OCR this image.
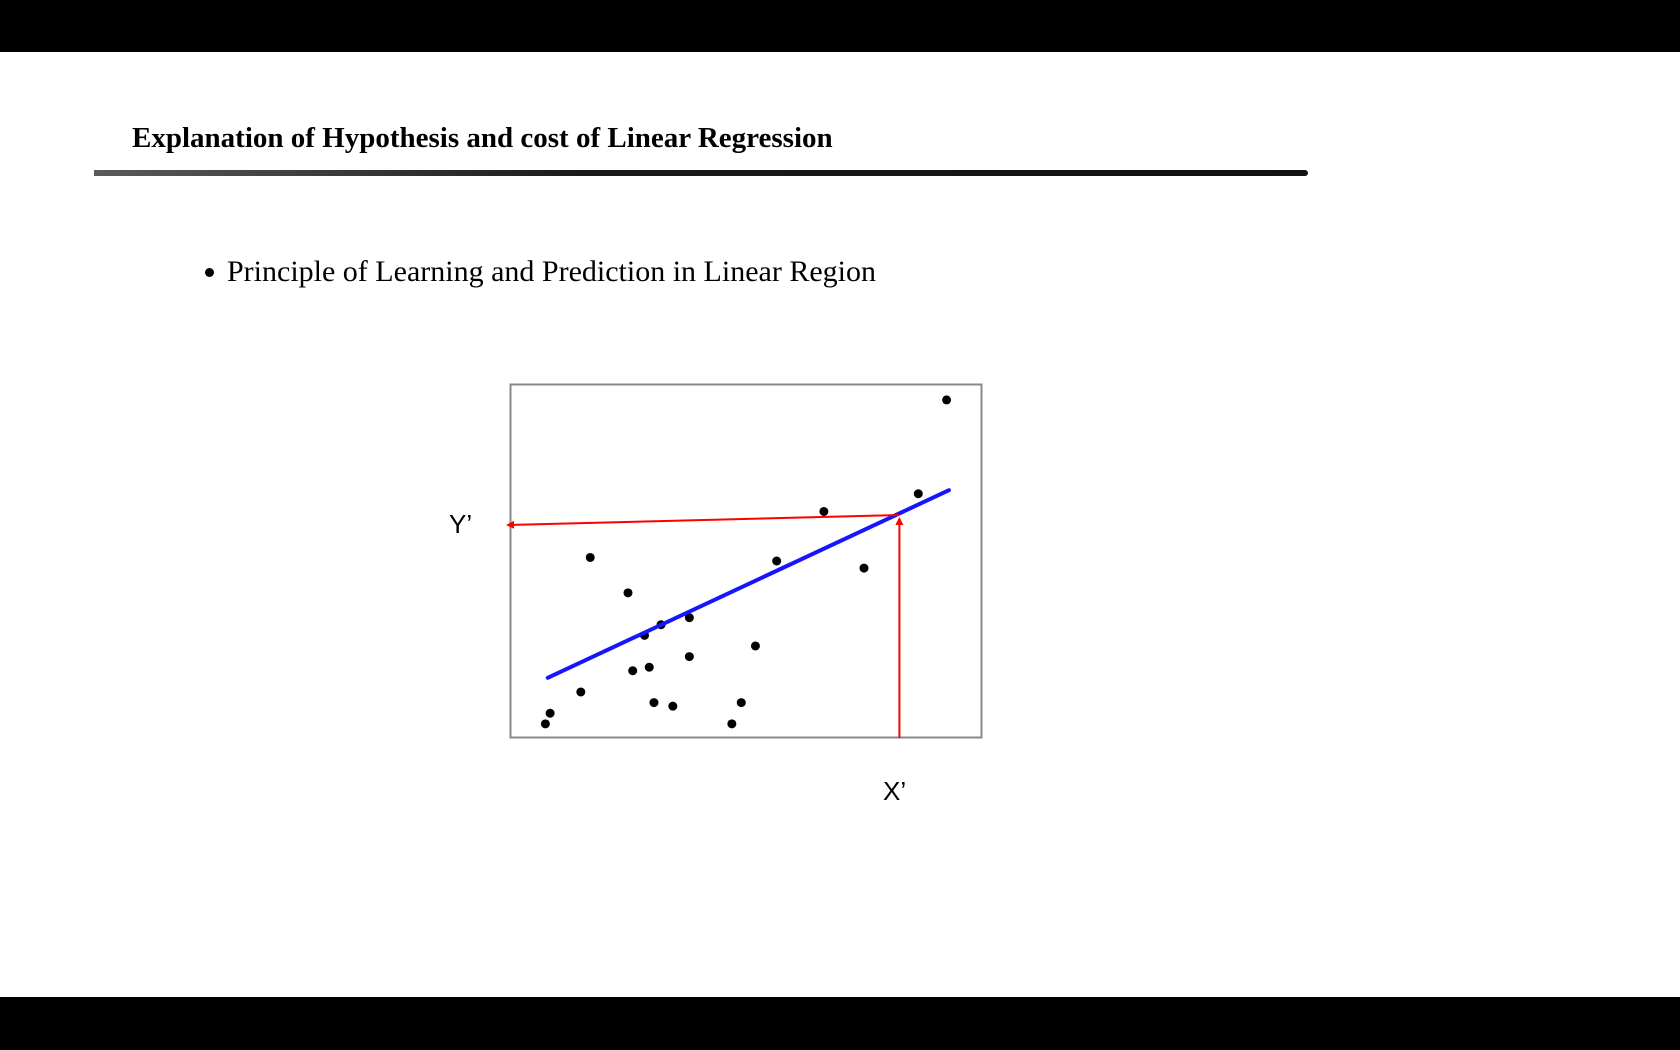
Explanation of Hypothesis and cost of Linear Regression
Principle of Learning and Prediction in Linear Region
Y’
X’
